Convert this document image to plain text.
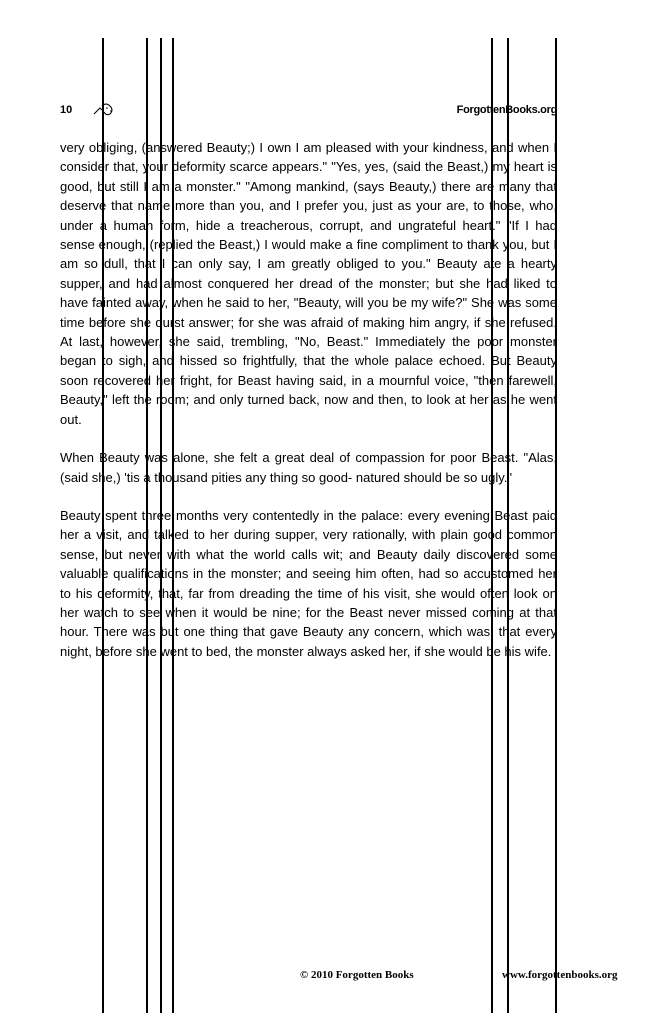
10	ForgottenBooks.org

very obliging, (answered Beauty;) I own I am pleased with your kindness, and when I consider that, your deformity scarce appears." "Yes, yes, (said the Beast,) my heart is good, but still I am a monster." "Among mankind, (says Beauty,) there are many that deserve that name more than you, and I prefer you, just as your are, to those, who, under a human form, hide a treacherous, corrupt, and ungrateful heart." "If I had sense enough, (replied the Beast,) I would make a fine compliment to thank you, but I am so dull, that I can only say, I am greatly obliged to you." Beauty ate a hearty supper, and had almost conquered her dread of the monster; but she had liked to have fainted away, when he said to her, "Beauty, will you be my wife?" She was some time before she durst answer; for she was afraid of making him angry, if she refused. At last, however, she said, trembling, "No, Beast." Immediately the poor monster began to sigh, and hissed so frightfully, that the whole palace echoed. But Beauty soon recovered her fright, for Beast having said, in a mournful voice, "then farewell, Beauty," left the room; and only turned back, now and then, to look at her as he went out.

When Beauty was alone, she felt a great deal of compassion for poor Beast. "Alas, (said she,) 'tis a thousand pities any thing so good- natured should be so ugly."

Beauty spent three months very contentedly in the palace: every evening Beast paid her a visit, and talked to her during supper, very rationally, with plain good common sense, but never with what the world calls wit; and Beauty daily discovered some valuable qualifications in the monster; and seeing him often, had so accustomed her to his deformity, that, far from dreading the time of his visit, she would often look on her watch to see when it would be nine; for the Beast never missed coming at that hour. There was but one thing that gave Beauty any concern, which was, that every night, before she went to bed, the monster always asked her, if she would be his wife.

© 2010 Forgotten Books	www.forgottenbooks.org
